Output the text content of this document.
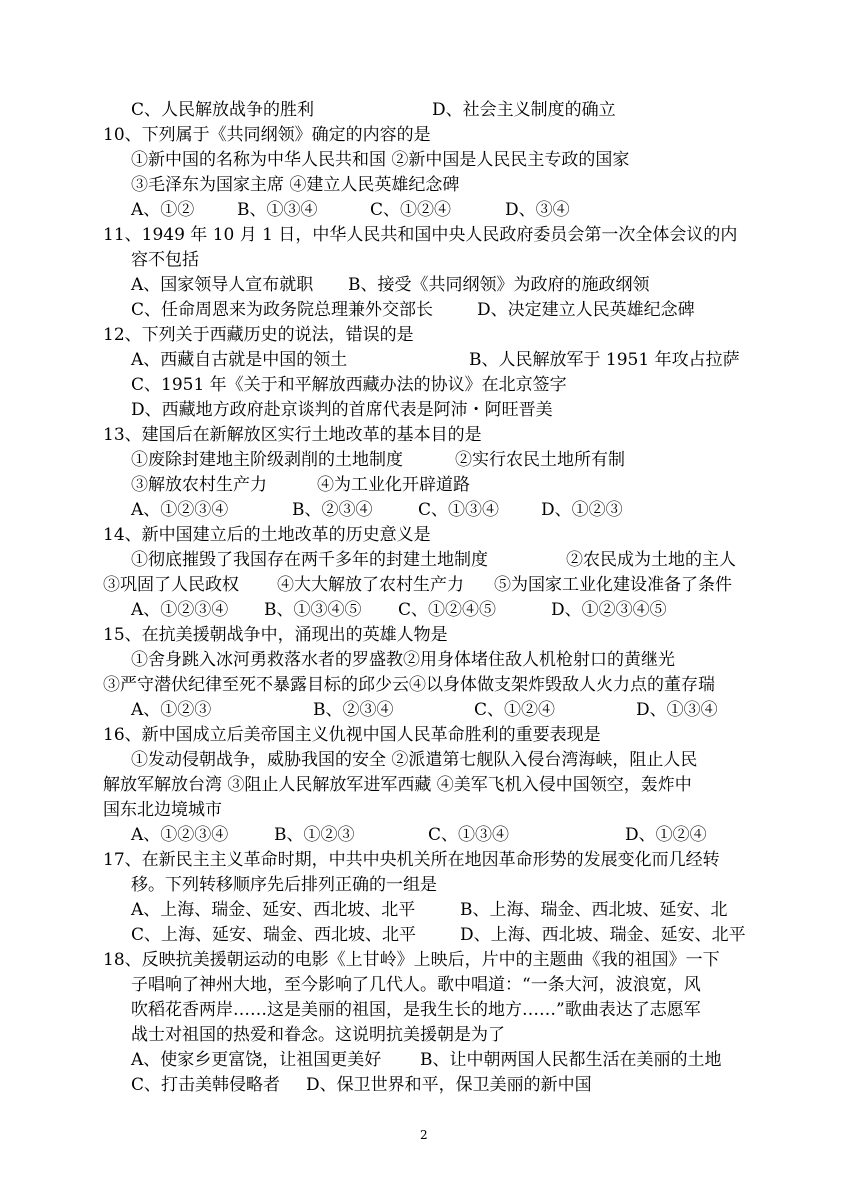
C、人民解放战争的胜利	D、社会主义制度的确立
10、下列属于《共同纲领》确定的内容的是
①新中国的名称为中华人民共和国 ②新中国是人民民主专政的国家
③毛泽东为国家主席 ④建立人民英雄纪念碑
A、①②	B、①③④	C、①②④	D、③④
11、1949 年 10 月 1 日，中华人民共和国中央人民政府委员会第一次全体会议的内
容不包括
A、国家领导人宣布就职 B、接受《共同纲领》为政府的施政纲领
C、任命周恩来为政务院总理兼外交部长	D、决定建立人民英雄纪念碑
12、下列关于西藏历史的说法，错误的是
A、西藏自古就是中国的领土	B、人民解放军于 1951 年攻占拉萨
C、1951 年《关于和平解放西藏办法的协议》在北京签字
D、西藏地方政府赴京谈判的首席代表是阿沛・阿旺晋美
13、建国后在新解放区实行土地改革的基本目的是
①废除封建地主阶级剥削的土地制度	②实行农民土地所有制
③解放农村生产力	④为工业化开辟道路
A、①②③④	B、②③④	C、①③④ D、①②③
14、新中国建立后的土地改革的历史意义是
①彻底摧毁了我国存在两千多年的封建土地制度	②农民成为土地的主人
③巩固了人民政权 ④大大解放了农村生产力 ⑤为国家工业化建设准备了条件
A、①②③④ B、①③④⑤ C、①②④⑤	D、①②③④⑤
15、在抗美援朝战争中，涌现出的英雄人物是
①舍身跳入冰河勇救落水者的罗盛教②用身体堵住敌人机枪射口的黄继光
③严守潜伏纪律至死不暴露目标的邱少云④以身体做支架炸毁敌人火力点的董存瑞
A、①②③	B、②③④	C、①②④	D、①③④
16、新中国成立后美帝国主义仇视中国人民革命胜利的重要表现是
①发动侵朝战争，威胁我国的安全 ②派遣第七舰队入侵台湾海峡，阻止人民
解放军解放台湾 ③阻止人民解放军进军西藏 ④美军飞机入侵中国领空，轰炸中
国东北边境城市
A、①②③④	B、①②③	C、①③④	D、①②④
17、在新民主主义革命时期，中共中央机关所在地因革命形势的发展变化而几经转
移。下列转移顺序先后排列正确的一组是
A、上海、瑞金、延安、西北坡、北平	B、上海、瑞金、西北坡、延安、北
C、上海、延安、瑞金、西北坡、北平	D、上海、西北坡、瑞金、延安、北平
18、反映抗美援朝运动的电影《上甘岭》上映后，片中的主题曲《我的祖国》一下
子唱响了神州大地，至今影响了几代人。歌中唱道：“一条大河，波浪宽，风
吹稻花香两岸……这是美丽的祖国，是我生长的地方……”歌曲表达了志愿军
战士对祖国的热爱和眷念。这说明抗美援朝是为了
A、使家乡更富饶，让祖国更美好 B、让中朝两国人民都生活在美丽的土地
C、打击美韩侵略者 D、保卫世界和平，保卫美丽的新中国
2
